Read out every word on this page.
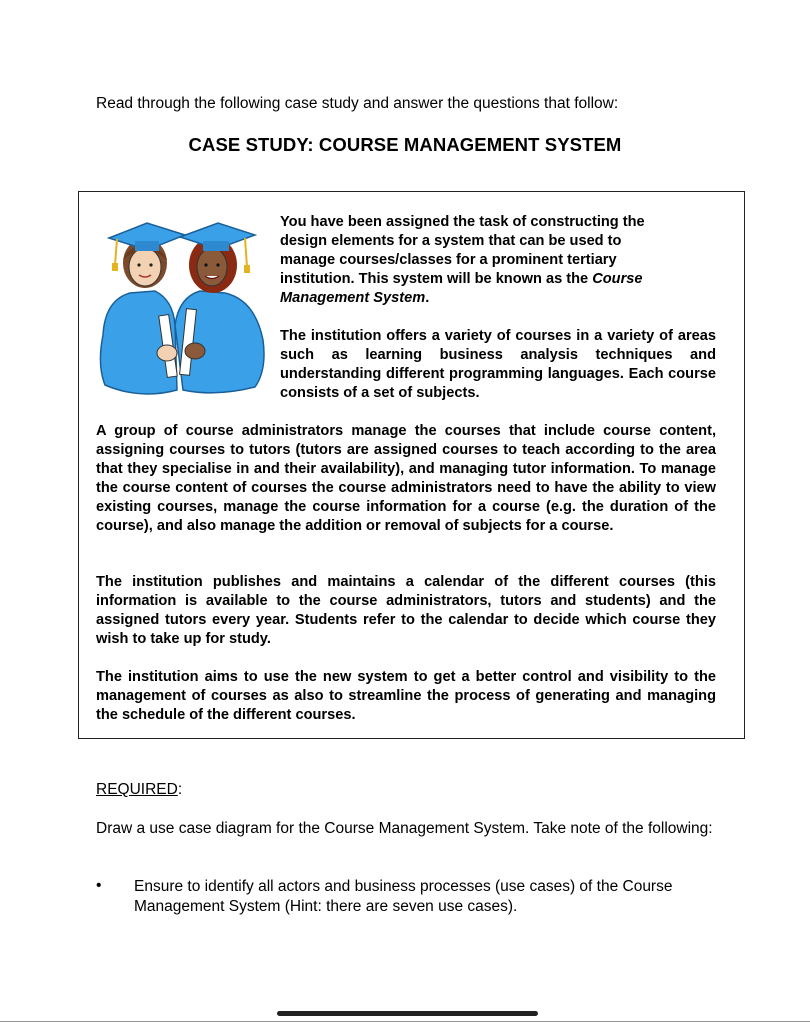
Read through the following case study and answer the questions that follow:
CASE STUDY: COURSE MANAGEMENT SYSTEM
You have been assigned the task of constructing the
design elements for a system that can be used to
manage courses/classes for a prominent tertiary
institution. This system will be known as the Course
Management System.
The institution offers a variety of courses in a variety of areas such as learning business analysis techniques and understanding different programming languages. Each course consists of a set of subjects.
A group of course administrators manage the courses that include course content, assigning courses to tutors (tutors are assigned courses to teach according to the area that they specialise in and their availability), and managing tutor information. To manage the course content of courses the course administrators need to have the ability to view existing courses, manage the course information for a course (e.g. the duration of the course), and also manage the addition or removal of subjects for a course.
The institution publishes and maintains a calendar of the different courses (this information is available to the course administrators, tutors and students) and the assigned tutors every year. Students refer to the calendar to decide which course they wish to take up for study.
The institution aims to use the new system to get a better control and visibility to the management of courses as also to streamline the process of generating and managing the schedule of the different courses.
REQUIRED:
Draw a use case diagram for the Course Management System. Take note of the following:
• Ensure to identify all actors and business processes (use cases) of the Course Management System (Hint: there are seven use cases).
